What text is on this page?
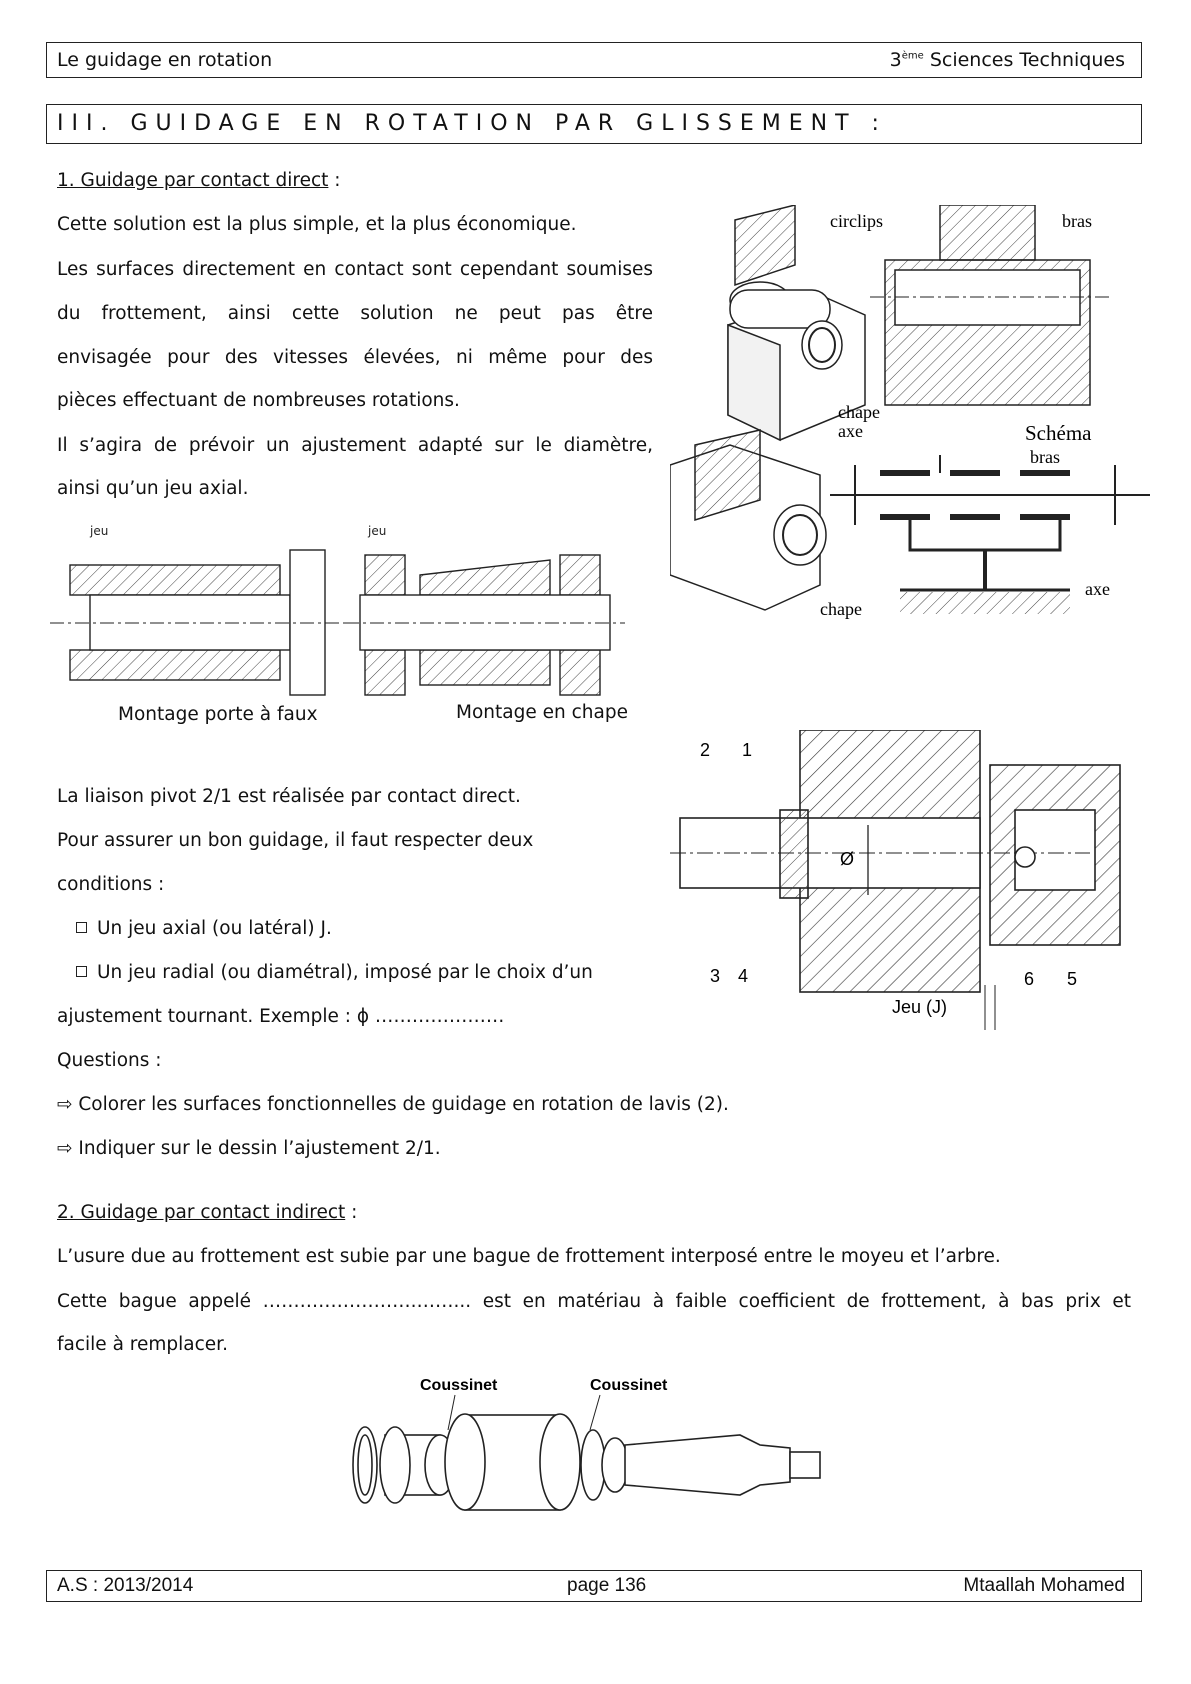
Le guidage en rotation	3ème Sciences Techniques
III. GUIDAGE EN ROTATION PAR GLISSEMENT :
1. Guidage par contact direct :
Cette solution est la plus simple, et la plus économique.
Les surfaces directement en contact sont cependant soumises
du frottement, ainsi cette solution ne peut pas être
envisagée pour des vitesses élevées, ni même pour des
pièces effectuant de nombreuses rotations.
Il s’agira de prévoir un ajustement adapté sur le diamètre,
ainsi qu’un jeu axial.
circlips	bras
chape
axe	Schéma
bras
chape
axe
jeu	jeu
Montage porte à faux	Montage en chape
La liaison pivot 2/1 est réalisée par contact direct.
Pour assurer un bon guidage, il faut respecter deux
conditions :
Un jeu axial (ou latéral) J.
Un jeu radial (ou diamétral), imposé par le choix d’un
ajustement tournant. Exemple : ϕ …………………
Questions :
⇨ Colorer les surfaces fonctionnelles de guidage en rotation de lavis (2).
⇨ Indiquer sur le dessin l’ajustement 2/1.
2 1
3 4	6 5
Jeu (J)
Ø
2. Guidage par contact indirect :
L’usure due au frottement est subie par une bague de frottement interposé entre le moyeu et l’arbre.
Cette bague appelé …………………….……... est en matériau à faible coefficient de frottement, à bas prix et
facile à remplacer.
Coussinet	Coussinet
A.S : 2013/2014	page 136	Mtaallah Mohamed
